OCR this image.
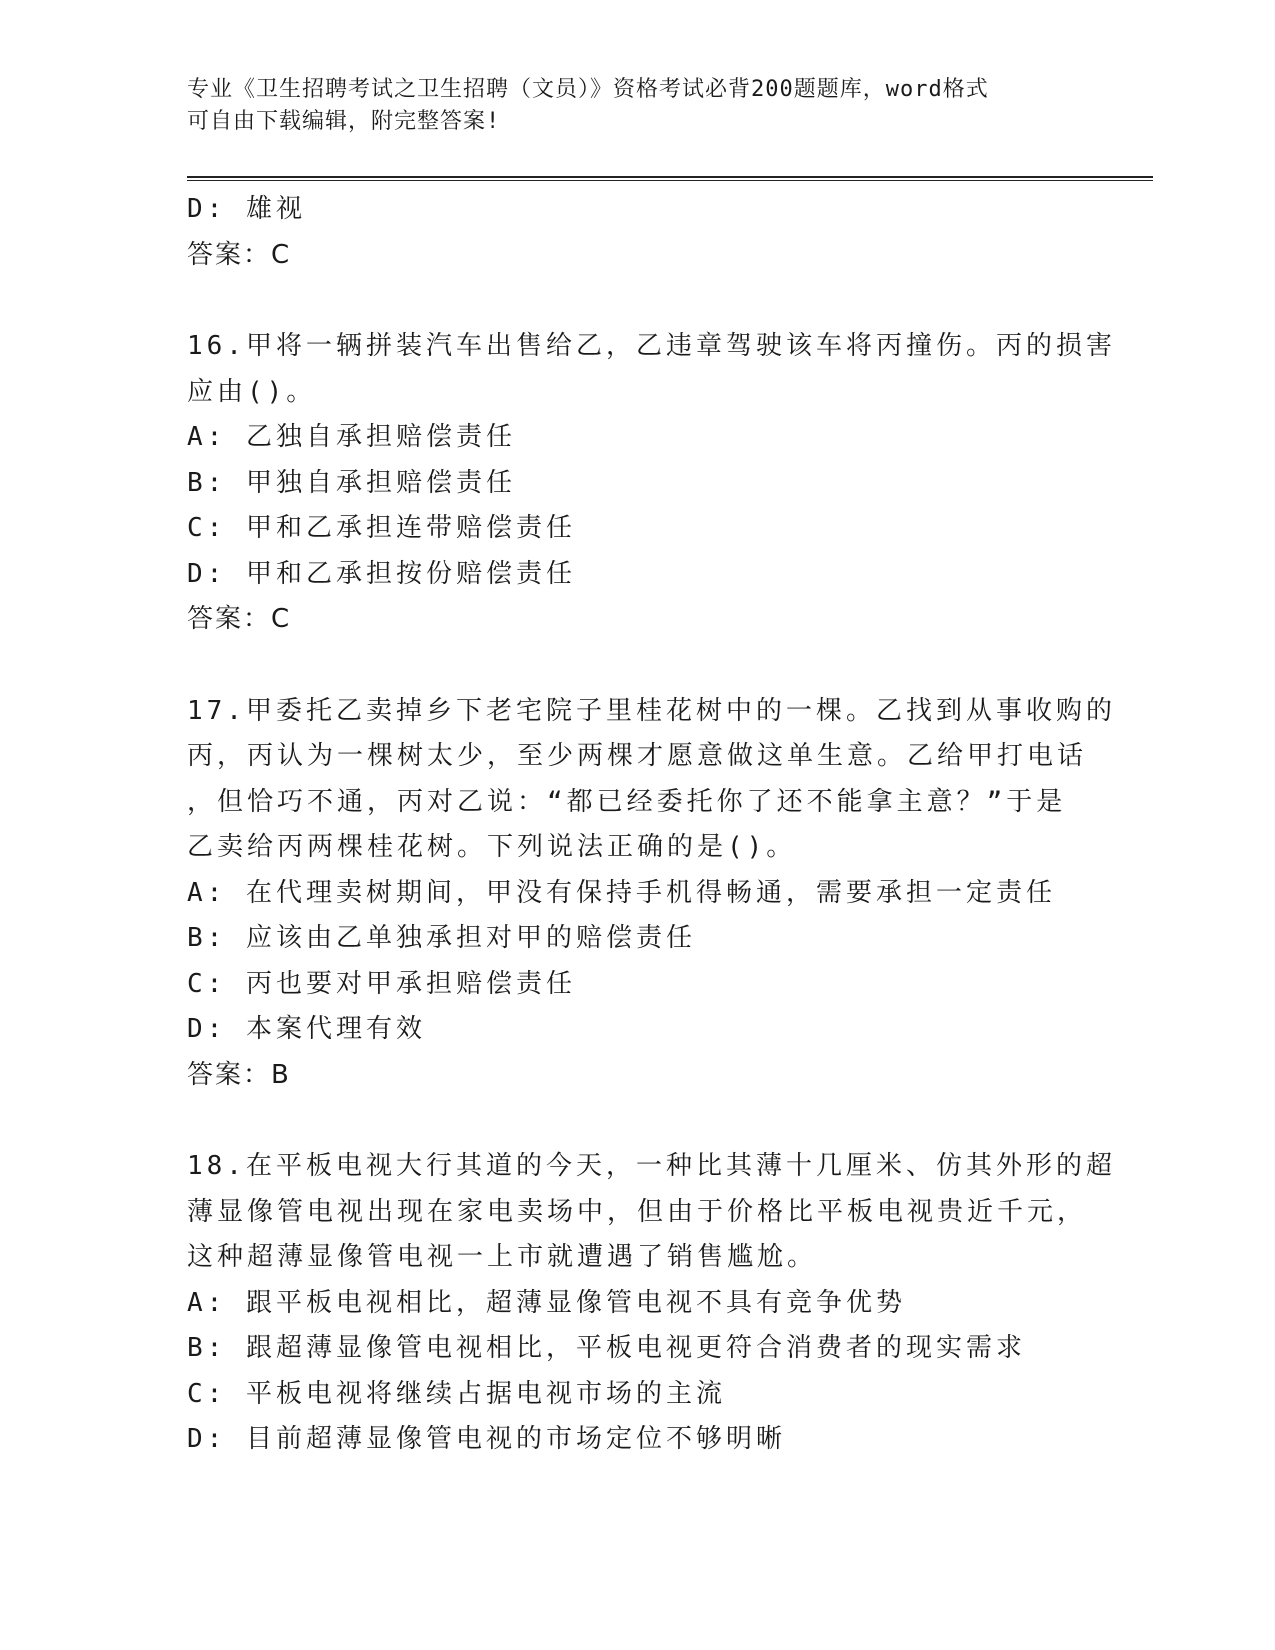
专业《卫生招聘考试之卫生招聘（文员）》资格考试必背200题题库，word格式
可自由下载编辑，附完整答案!
D: 雄视
答案：C
16.甲将一辆拼装汽车出售给乙，乙违章驾驶该车将丙撞伤。丙的损害
应由()。
A: 乙独自承担赔偿责任
B: 甲独自承担赔偿责任
C: 甲和乙承担连带赔偿责任
D: 甲和乙承担按份赔偿责任
答案：C
17.甲委托乙卖掉乡下老宅院子里桂花树中的一棵。乙找到从事收购的
丙，丙认为一棵树太少，至少两棵才愿意做这单生意。乙给甲打电话
，但恰巧不通，丙对乙说：“都已经委托你了还不能拿主意？”于是
乙卖给丙两棵桂花树。下列说法正确的是()。
A: 在代理卖树期间，甲没有保持手机得畅通，需要承担一定责任
B: 应该由乙单独承担对甲的赔偿责任
C: 丙也要对甲承担赔偿责任
D: 本案代理有效
答案：B
18.在平板电视大行其道的今天，一种比其薄十几厘米、仿其外形的超
薄显像管电视出现在家电卖场中，但由于价格比平板电视贵近千元，
这种超薄显像管电视一上市就遭遇了销售尴尬。
A: 跟平板电视相比，超薄显像管电视不具有竞争优势
B: 跟超薄显像管电视相比，平板电视更符合消费者的现实需求
C: 平板电视将继续占据电视市场的主流
D: 目前超薄显像管电视的市场定位不够明晰
